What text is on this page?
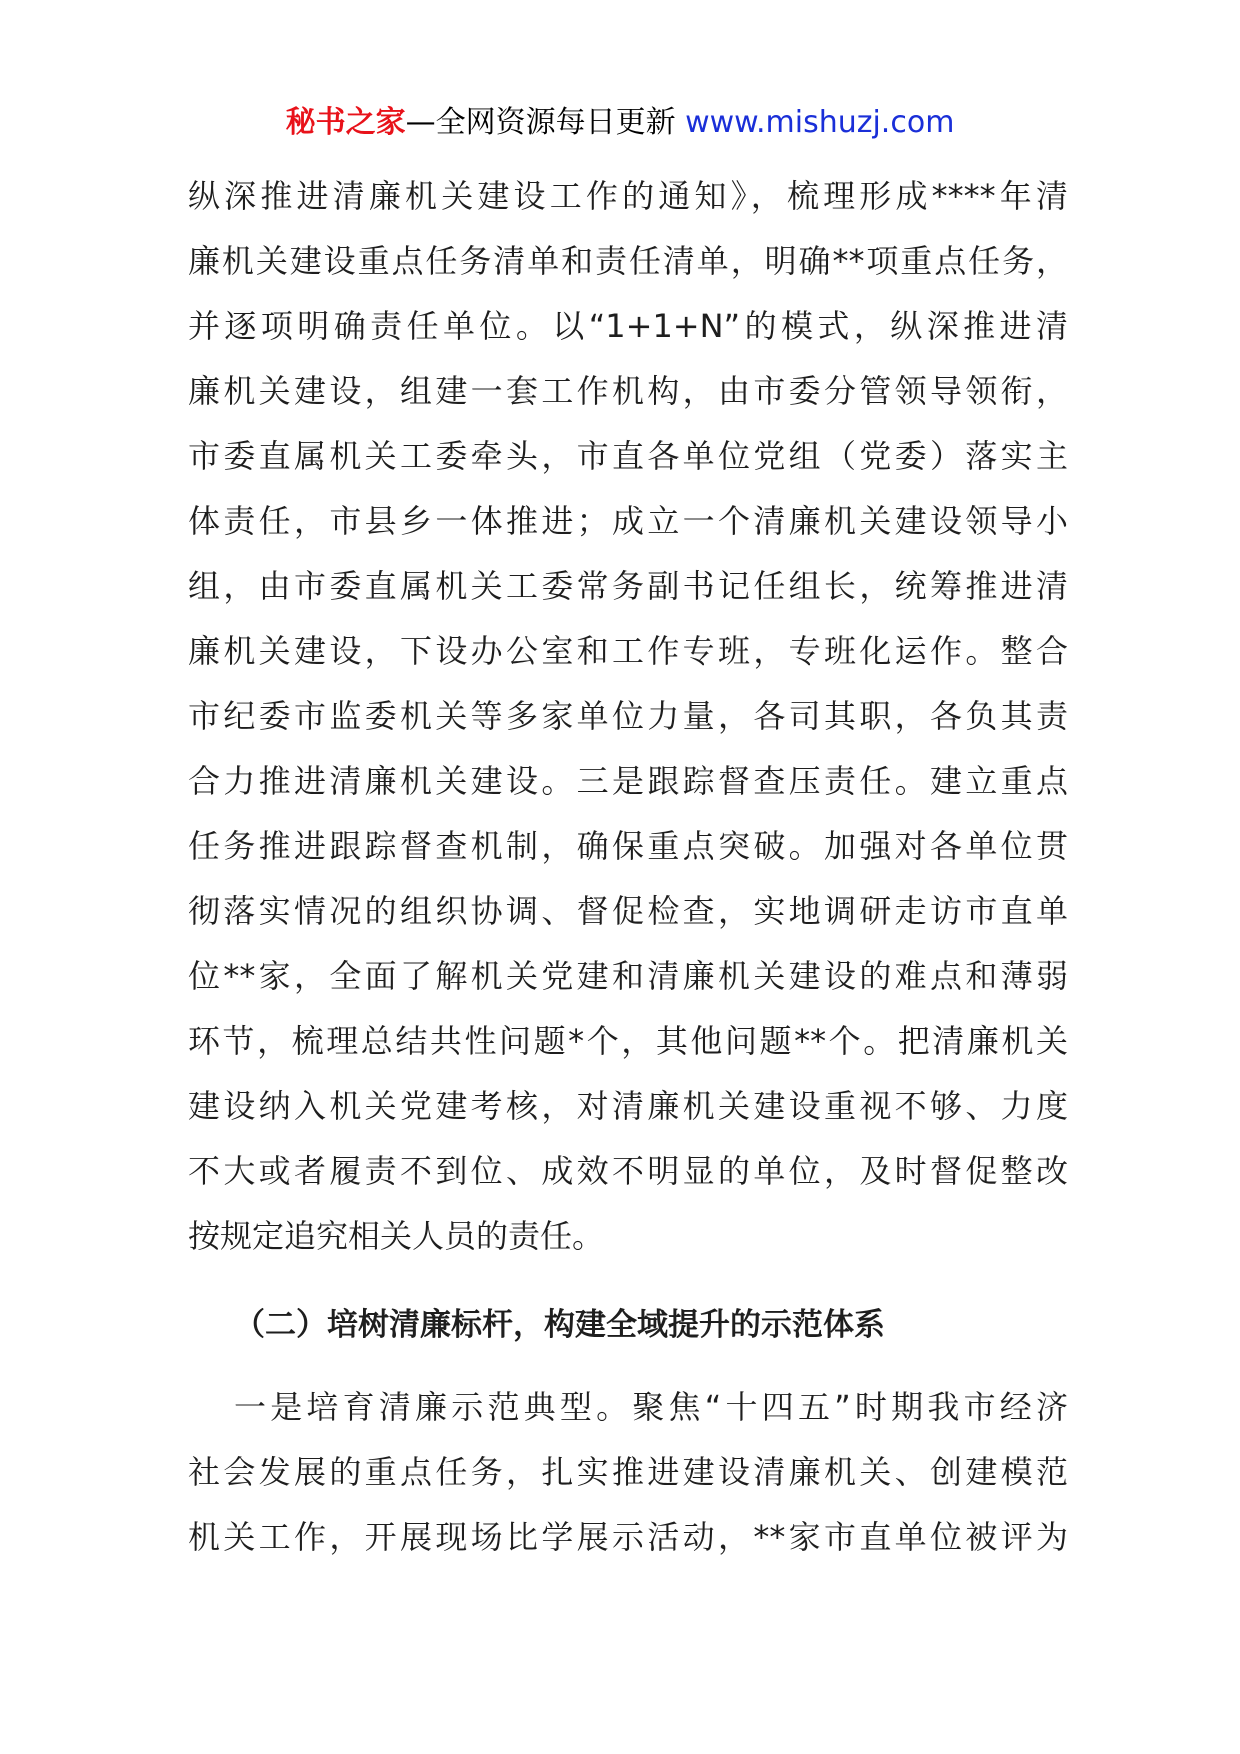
秘书之家—全网资源每日更新 www.mishuzj.com
纵深推进清廉机关建设工作的通知》，梳理形成****年清
廉机关建设重点任务清单和责任清单，明确**项重点任务，
并逐项明确责任单位。以“1+1+N”的模式，纵深推进清
廉机关建设，组建一套工作机构，由市委分管领导领衔，
市委直属机关工委牵头，市直各单位党组（党委）落实主
体责任，市县乡一体推进；成立一个清廉机关建设领导小
组，由市委直属机关工委常务副书记任组长，统筹推进清
廉机关建设，下设办公室和工作专班，专班化运作。整合
市纪委市监委机关等多家单位力量，各司其职，各负其责
合力推进清廉机关建设。三是跟踪督查压责任。建立重点
任务推进跟踪督查机制，确保重点突破。加强对各单位贯
彻落实情况的组织协调、督促检查，实地调研走访市直单
位**家，全面了解机关党建和清廉机关建设的难点和薄弱
环节，梳理总结共性问题*个，其他问题**个。把清廉机关
建设纳入机关党建考核，对清廉机关建设重视不够、力度
不大或者履责不到位、成效不明显的单位，及时督促整改
按规定追究相关人员的责任。
（二）培树清廉标杆，构建全域提升的示范体系
一是培育清廉示范典型。聚焦“十四五”时期我市经济
社会发展的重点任务，扎实推进建设清廉机关、创建模范
机关工作，开展现场比学展示活动，**家市直单位被评为
